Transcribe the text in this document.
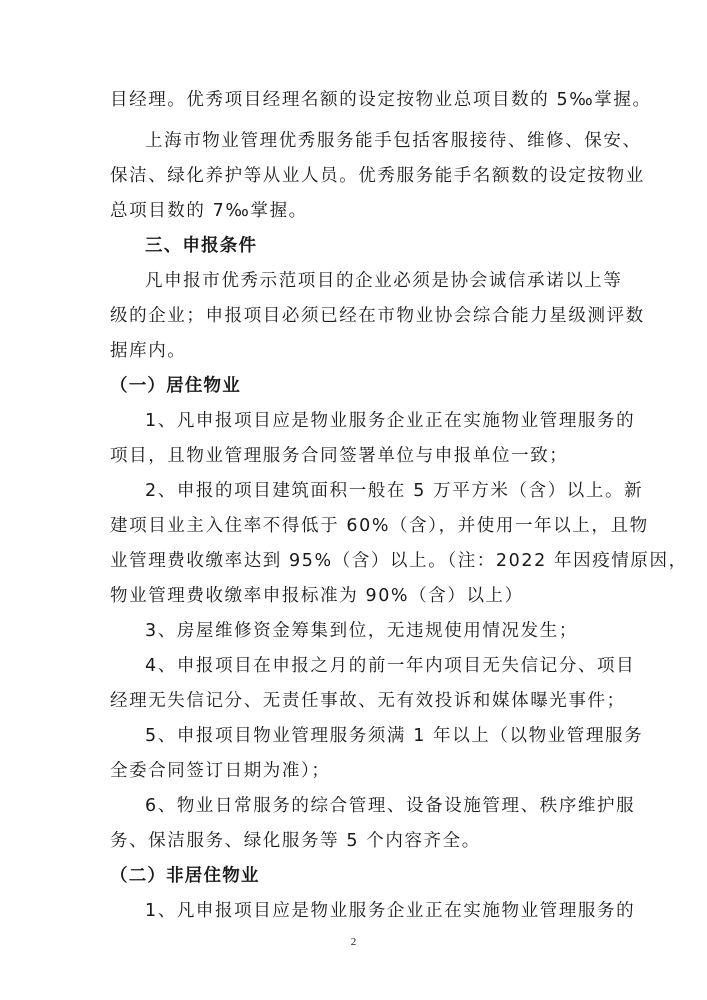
目经理。优秀项目经理名额的设定按物业总项目数的 5‰掌握。
上海市物业管理优秀服务能手包括客服接待、维修、保安、
保洁、绿化养护等从业人员。优秀服务能手名额数的设定按物业
总项目数的 7‰掌握。
三、申报条件
凡申报市优秀示范项目的企业必须是协会诚信承诺以上等
级的企业；申报项目必须已经在市物业协会综合能力星级测评数
据库内。
（一）居住物业
1、凡申报项目应是物业服务企业正在实施物业管理服务的
项目，且物业管理服务合同签署单位与申报单位一致；
2、申报的项目建筑面积一般在 5 万平方米（含）以上。新
建项目业主入住率不得低于 60%（含），并使用一年以上，且物
业管理费收缴率达到 95%（含）以上。（注：2022 年因疫情原因，
物业管理费收缴率申报标准为 90%（含）以上）
3、房屋维修资金筹集到位，无违规使用情况发生；
4、申报项目在申报之月的前一年内项目无失信记分、项目
经理无失信记分、无责任事故、无有效投诉和媒体曝光事件；
5、申报项目物业管理服务须满 1 年以上（以物业管理服务
全委合同签订日期为准）；
6、物业日常服务的综合管理、设备设施管理、秩序维护服
务、保洁服务、绿化服务等 5 个内容齐全。
（二）非居住物业
1、凡申报项目应是物业服务企业正在实施物业管理服务的
2
